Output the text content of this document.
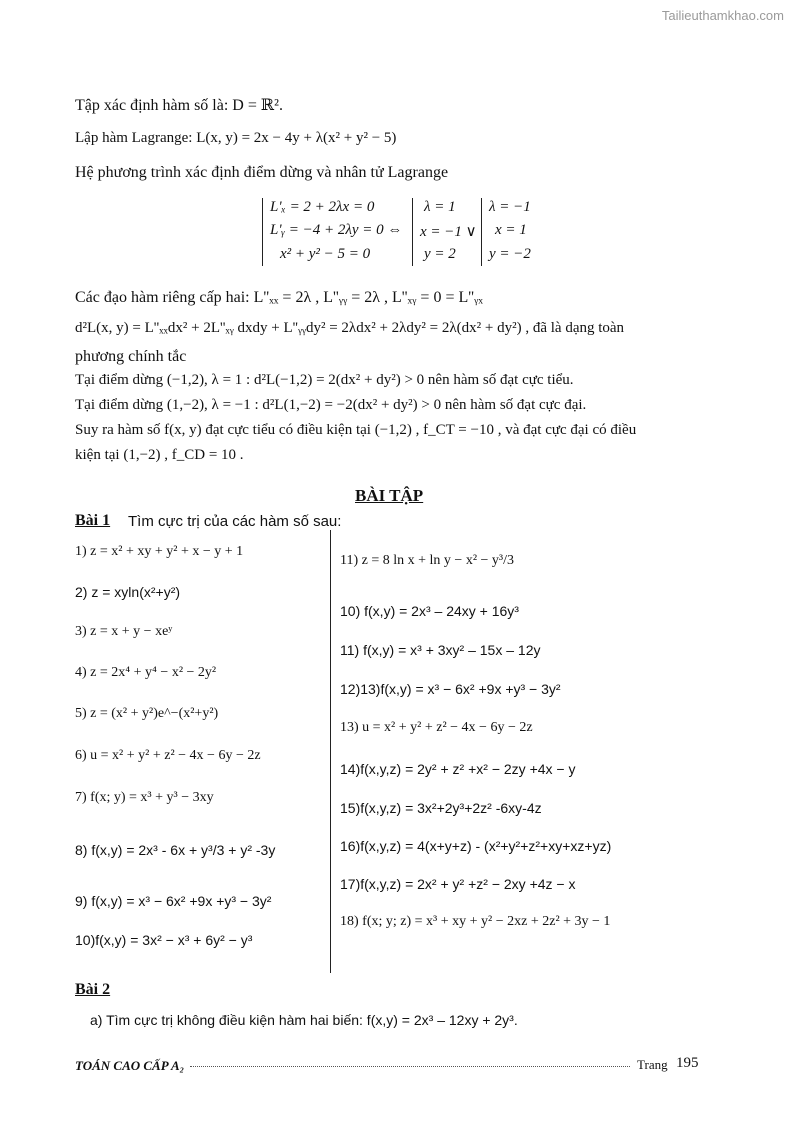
Tailieuthamkhao.com
Tập xác định hàm số là: D = ℝ².
Lập hàm Lagrange: L(x, y) = 2x − 4y + λ(x² + y² − 5)
Hệ phương trình xác định điểm dừng và nhân tử Lagrange
L'ₓ = 2 + 2λx = 0
L'ᵧ = −4 + 2λy = 0 ⇔
x² + y² − 5 = 0
λ = 1
x = −1 ∨
y = 2
λ = −1
x = 1
y = −2
Các đạo hàm riêng cấp hai: L''ₓₓ = 2λ , L''ᵧᵧ = 2λ , L''ₓᵧ = 0 = L''ᵧₓ
d²L(x, y) = L''ₓₓdx² + 2L''ₓᵧ dxdy + L''ᵧᵧdy² = 2λdx² + 2λdy² = 2λ(dx² + dy²) , đã là dạng toàn
phương chính tắc
Tại điểm dừng (−1,2), λ = 1 : d²L(−1,2) = 2(dx² + dy²) > 0 nên hàm số đạt cực tiểu.
Tại điểm dừng (1,−2), λ = −1 : d²L(1,−2) = −2(dx² + dy²) > 0 nên hàm số đạt cực đại.
Suy ra hàm số f(x, y) đạt cực tiểu có điều kiện tại (−1,2) , f_CT = −10 , và đạt cực đại có điều
kiện tại (1,−2) , f_CD = 10 .
BÀI TẬP
Bài 1 Tìm cực trị của các hàm số sau:
1) z = x² + xy + y² + x − y + 1
2) z = xyln(x²+y²)
3) z = x + y − xeʸ
4) z = 2x⁴ + y⁴ − x² − 2y²
5) z = (x² + y²)e^−(x²+y²)
6) u = x² + y² + z² − 4x − 6y − 2z
7) f(x; y) = x³ + y³ − 3xy
8) f(x,y) = 2x³ - 6x + y³/3 + y² -3y
9) f(x,y) = x³ − 6x² +9x +y³ − 3y²
10)f(x,y) = 3x² − x³ + 6y² − y³
11) z = 8 ln x + ln y − x² − y³/3
10) f(x,y) = 2x³ – 24xy + 16y³
11) f(x,y) = x³ + 3xy² – 15x – 12y
12)13)f(x,y) = x³ − 6x² +9x +y³ − 3y²
13) u = x² + y² + z² − 4x − 6y − 2z
14)f(x,y,z) = 2y² + z² +x² − 2zy +4x − y
15)f(x,y,z) = 3x²+2y³+2z² -6xy-4z
16)f(x,y,z) = 4(x+y+z) - (x²+y²+z²+xy+xz+yz)
17)f(x,y,z) = 2x² + y² +z² − 2xy +4z − x
18) f(x; y; z) = x³ + xy + y² − 2xz + 2z² + 3y − 1
Bài 2
a) Tìm cực trị không điều kiện hàm hai biến: f(x,y) = 2x³ – 12xy + 2y³.
TOÁN CAO CẤP A₂	Trang 195
